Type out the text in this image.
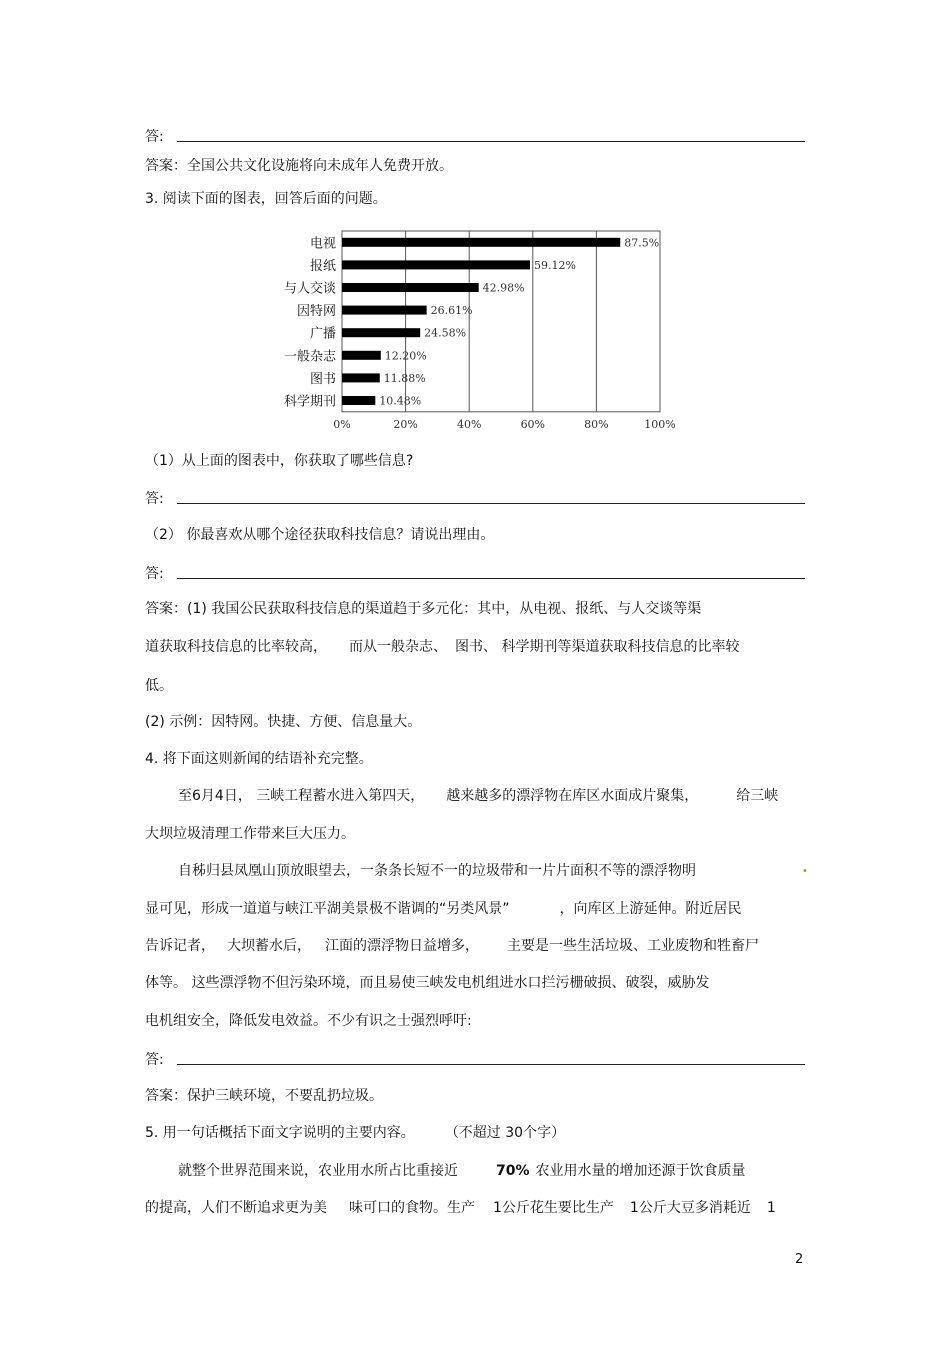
答:
答案：全国公共文化设施将向未成年人免费开放。
3. 阅读下面的图表，回答后面的问题。
0%	20%	40%	60%	80%	100%
电视	87.5%
报纸	59.12%
与人交谈	42.98%
因特网	26.61%
广播	24.58%
一般杂志	12.20%
图书	11.88%
科学期刊	10.48%
（1）从上面的图表中，你获取了哪些信息?
答:
（2） 你最喜欢从哪个途径获取科技信息？请说出理由。
答:
答案：(1) 我国公民获取科技信息的渠道趋于多元化：其中，从电视、报纸、与人交谈等渠
道获取科技信息的比率较高， 而从一般杂志、 图书、 科学期刊等渠道获取科技信息的比率较
低。
(2) 示例：因特网。快捷、方便、信息量大。
4. 将下面这则新闻的结语补充完整。
至6月4日， 三峡工程蓄水进入第四天， 越来越多的漂浮物在库区水面成片聚集，	给三峡
大坝垃圾清理工作带来巨大压力。
自秭归县凤凰山顶放眼望去，一条条长短不一的垃圾带和一片片面积不等的漂浮物明	•
显可见，形成一道道与峡江平湖美景极不谐调的“另类风景”	，向库区上游延伸。附近居民
告诉记者， 大坝蓄水后， 江面的漂浮物日益增多， 主要是一些生活垃圾、工业废物和牲畜尸
体等。 这些漂浮物不但污染环境，而且易使三峡发电机组进水口拦污栅破损、破裂，威胁发
电机组安全，降低发电效益。不少有识之士强烈呼吁:
答:
答案：保护三峡环境，不要乱扔垃圾。
5. 用一句话概括下面文字说明的主要内容。 （不超过 30个字）
就整个世界范围来说，农业用水所占比重接近	70% 农业用水量的增加还源于饮食质量
的提高，人们不断追求更为美 味可口的食物。生产 1公斤花生要比生产 1公斤大豆多消耗近 1
2
